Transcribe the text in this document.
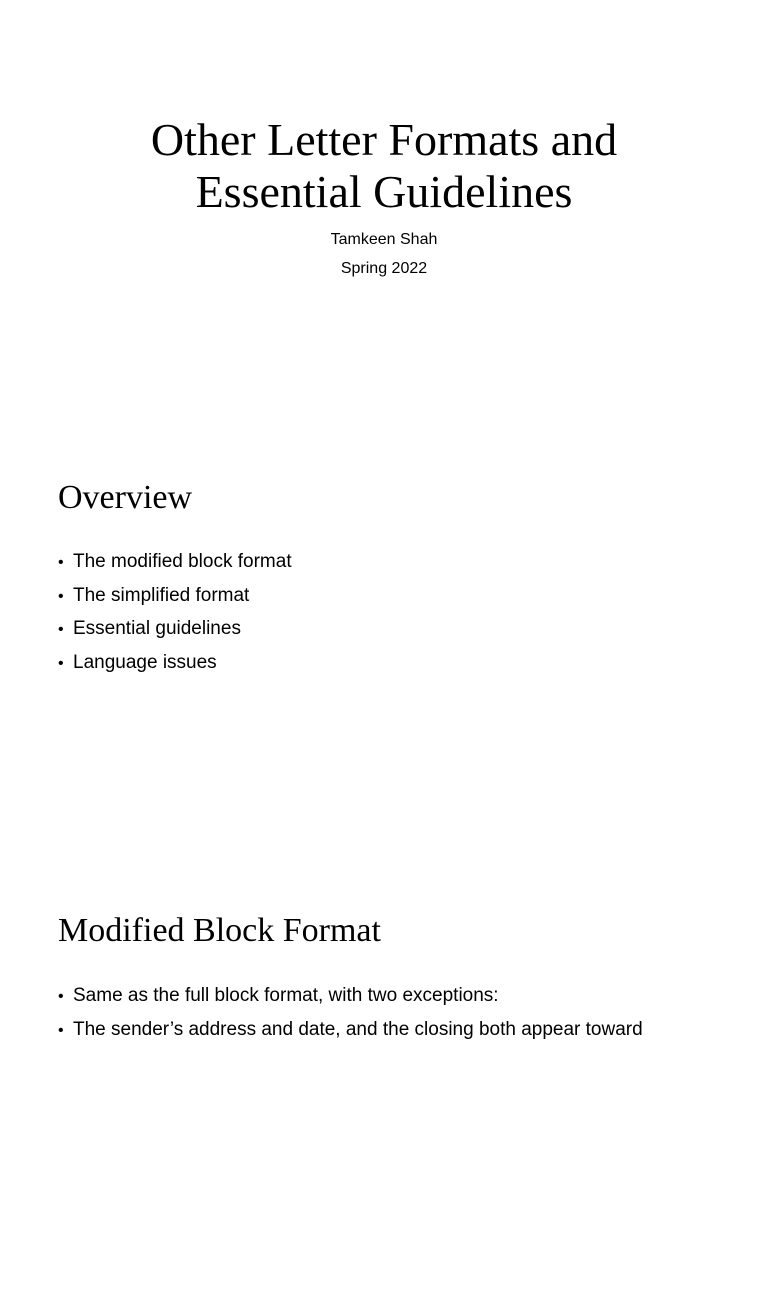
Other Letter Formats and
Essential Guidelines

Tamkeen Shah

Spring 2022

Overview
• The modified block format
• The simplified format
• Essential guidelines
• Language issues
Modified Block Format
• Same as the full block format, with two exceptions:
• The sender’s address and date, and the closing both appear toward
